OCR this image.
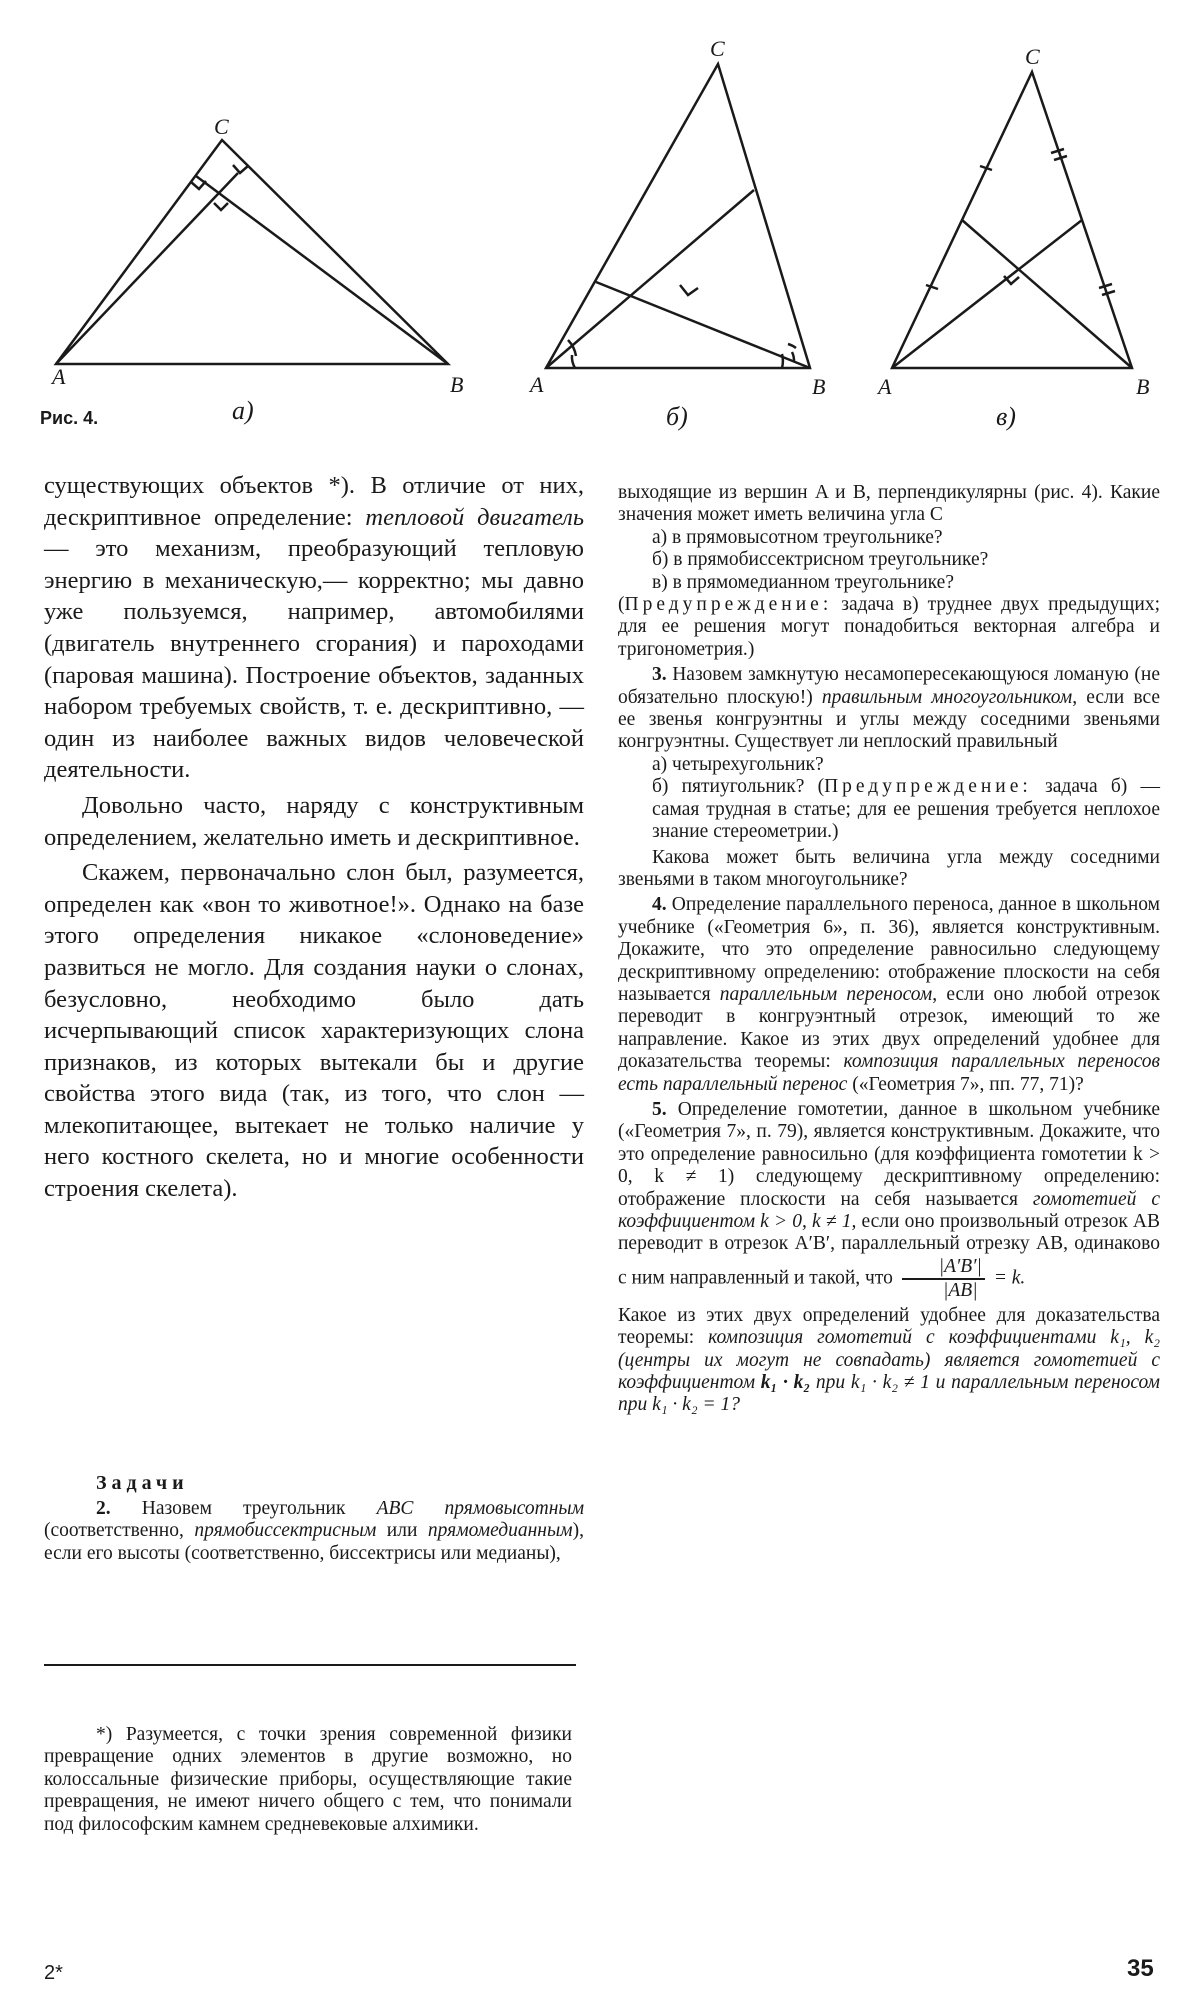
C
A	B
C
A	B
C
A	B
Рис. 4.	а)	б)	в)

существующих объектов *). В отличие от них, дескриптивное определение: тепловой двигатель — это механизм, преобразующий тепловую энергию в механическую,— корректно; мы давно уже пользуемся, например, автомобилями (двигатель внутреннего сгорания) и пароходами (паровая машина). Построение объектов, заданных набором требуемых свойств, т. е. дескриптивно, — один из наиболее важных видов человеческой деятельности.

Довольно часто, наряду с конструктивным определением, желательно иметь и дескриптивное.

Скажем, первоначально слон был, разумеется, определен как «вон то животное!». Однако на базе этого определения никакое «слоноведение» развиться не могло. Для создания науки о слонах, безусловно, необходимо было дать исчерпывающий список характеризующих слона признаков, из которых вытекали бы и другие свойства этого вида (так, из того, что слон — млекопитающее, вытекает не только наличие у него костного скелета, но и многие особенности строения скелета).

Задачи

2. Назовем треугольник ABC прямовысотным (соответственно, прямобиссектрисным или прямомедианным), если его высоты (соответственно, биссектрисы или медианы),

*) Разумеется, с точки зрения современной физики превращение одних элементов в другие возможно, но колоссальные физические приборы, осуществляющие такие превращения, не имеют ничего общего с тем, что понимали под философским камнем средневековые алхимики.

выходящие из вершин A и B, перпендикулярны (рис. 4). Какие значения может иметь величина угла C

а) в прямовысотном треугольнике?

б) в прямобиссектрисном треугольнике?

в) в прямомедианном треугольнике?

(Предупреждение: задача в) труднее двух предыдущих; для ее решения могут понадобиться векторная алгебра и тригонометрия.)

3. Назовем замкнутую несамопересекающуюся ломаную (не обязательно плоскую!) правильным многоугольником, если все ее звенья конгруэнтны и углы между соседними звеньями конгруэнтны. Существует ли неплоский правильный

а) четырехугольник?

б) пятиугольник? (Предупреждение: задача б) — самая трудная в статье; для ее решения требуется неплохое знание стереометрии.)

Какова может быть величина угла между соседними звеньями в таком многоугольнике?

4. Определение параллельного переноса, данное в школьном учебнике («Геометрия 6», п. 36), является конструктивным. Докажите, что это определение равносильно следующему дескриптивному определению: отображение плоскости на себя называется параллельным переносом, если оно любой отрезок переводит в конгруэнтный отрезок, имеющий то же направление. Какое из этих двух определений удобнее для доказательства теоремы: композиция параллельных переносов есть параллельный перенос («Геометрия 7», пп. 77, 71)?

5. Определение гомотетии, данное в школьном учебнике («Геометрия 7», п. 79), является конструктивным. Докажите, что это определение равносильно (для коэффициента гомотетии k > 0, k ≠ 1) следующему дескриптивному определению: отображение плоскости на себя называется гомотетией с коэффициентом k > 0, k ≠ 1, если оно произвольный отрезок AB переводит в отрезок A′B′, параллельный отрезку AB, одинаково с ним направленный и такой, что $\frac{|A'B'|}{|AB|} = k$.

Какое из этих двух определений удобнее для доказательства теоремы: композиция гомотетий с коэффициентами k₁, k₂ (центры их могут не совпадать) является гомотетией с коэффициентом k₁ · k₂ при k₁ · k₂ ≠ 1 и параллельным переносом при k₁ · k₂ = 1?

2*	35
